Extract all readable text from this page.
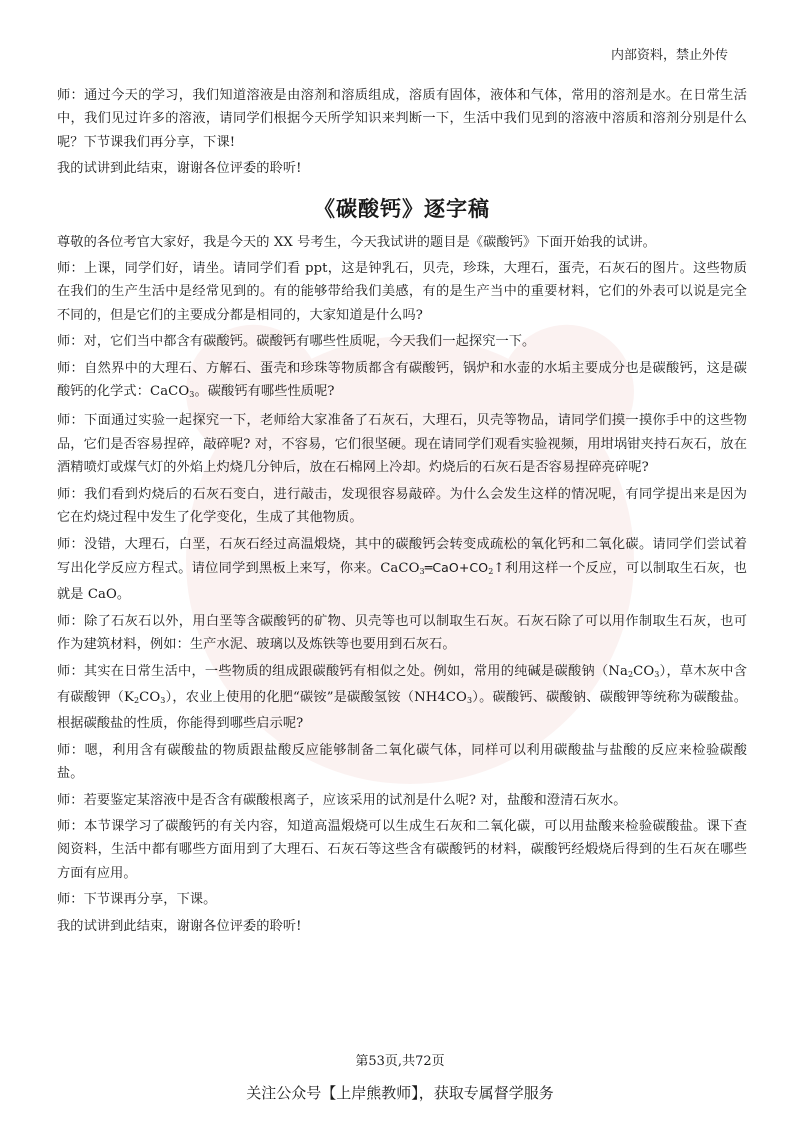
内部资料，禁止外传

师：通过今天的学习，我们知道溶液是由溶剂和溶质组成，溶质有固体，液体和气体，常用的溶剂是水。在日常生活中，我们见过许多的溶液，请同学们根据今天所学知识来判断一下，生活中我们见到的溶液中溶质和溶剂分别是什么呢？下节课我们再分享，下课!

我的试讲到此结束，谢谢各位评委的聆听!

《碳酸钙》逐字稿

尊敬的各位考官大家好，我是今天的 XX 号考生，今天我试讲的题目是《碳酸钙》下面开始我的试讲。

师：上课，同学们好，请坐。请同学们看 ppt，这是钟乳石，贝壳，珍珠，大理石，蛋壳，石灰石的图片。这些物质在我们的生产生活中是经常见到的。有的能够带给我们美感，有的是生产当中的重要材料，它们的外表可以说是完全不同的，但是它们的主要成分都是相同的，大家知道是什么吗?

师：对，它们当中都含有碳酸钙。碳酸钙有哪些性质呢，今天我们一起探究一下。

师：自然界中的大理石、方解石、蛋壳和珍珠等物质都含有碳酸钙，锅炉和水壶的水垢主要成分也是碳酸钙，这是碳酸钙的化学式：CaCO$_3$。碳酸钙有哪些性质呢?

师：下面通过实验一起探究一下，老师给大家准备了石灰石，大理石，贝壳等物品，请同学们摸一摸你手中的这些物品，它们是否容易捏碎，敲碎呢? 对，不容易，它们很坚硬。现在请同学们观看实验视频，用坩埚钳夹持石灰石，放在酒精喷灯或煤气灯的外焰上灼烧几分钟后，放在石棉网上冷却。灼烧后的石灰石是否容易捏碎亮碎呢?

师：我们看到灼烧后的石灰石变白，进行敲击，发现很容易敲碎。为什么会发生这样的情况呢，有同学提出来是因为它在灼烧过程中发生了化学变化，生成了其他物质。

师：没错，大理石，白垩，石灰石经过高温煅烧，其中的碳酸钙会转变成疏松的氧化钙和二氧化碳。请同学们尝试着写出化学反应方程式。请位同学到黑板上来写，你来。$CaCO_3═CaO+CO_2↑$利用这样一个反应，可以制取生石灰，也就是 CaO。

师：除了石灰石以外，用白垩等含碳酸钙的矿物、贝壳等也可以制取生石灰。石灰石除了可以用作制取生石灰，也可作为建筑材料，例如：生产水泥、玻璃以及炼铁等也要用到石灰石。

师：其实在日常生活中，一些物质的组成跟碳酸钙有相似之处。例如，常用的纯碱是碳酸钠$(Na_2CO_3)$，草木灰中含有碳酸钾$(K_2CO_3)$，农业上使用的化肥“碳铵”是碳酸氢铵$(NH4CO_3)$。碳酸钙、碳酸钠、碳酸钾等统称为碳酸盐。根据碳酸盐的性质，你能得到哪些启示呢?

师：嗯，利用含有碳酸盐的物质跟盐酸反应能够制备二氧化碳气体，同样可以利用碳酸盐与盐酸的反应来检验碳酸盐。

师：若要鉴定某溶液中是否含有碳酸根离子，应该采用的试剂是什么呢? 对，盐酸和澄清石灰水。

师：本节课学习了碳酸钙的有关内容，知道高温煅烧可以生成生石灰和二氧化碳，可以用盐酸来检验碳酸盐。课下查阅资料，生活中都有哪些方面用到了大理石、石灰石等这些含有碳酸钙的材料，碳酸钙经煅烧后得到的生石灰在哪些方面有应用。

师：下节课再分享，下课。

我的试讲到此结束，谢谢各位评委的聆听!

第53页,共72页
关注公众号【上岸熊教师】，获取专属督学服务
